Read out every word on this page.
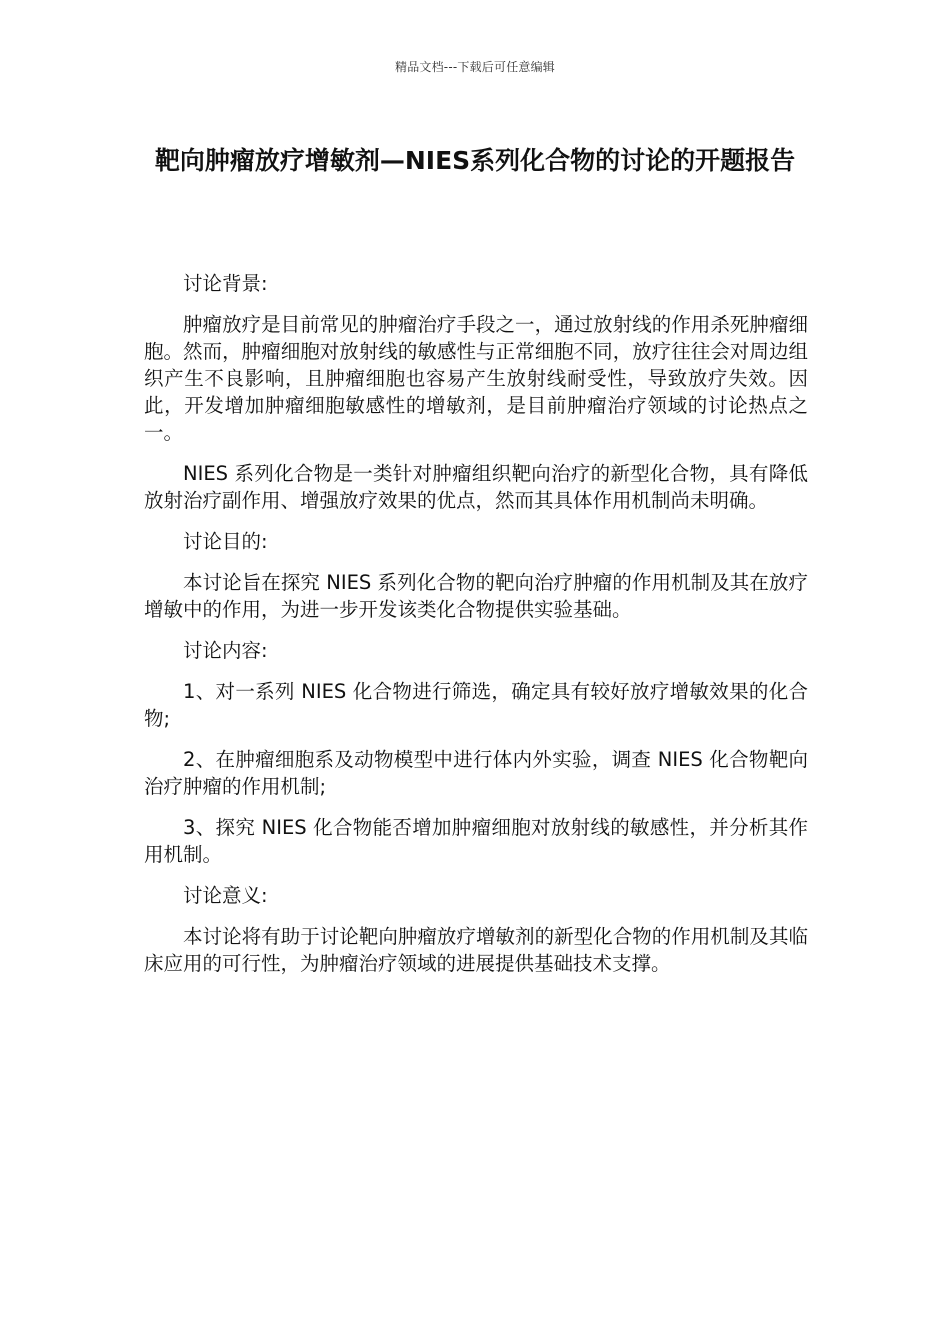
精品文档---下载后可任意编辑
靶向肿瘤放疗增敏剂—NIES系列化合物的讨论的开题报告

讨论背景:

肿瘤放疗是目前常见的肿瘤治疗手段之一，通过放射线的作用杀死肿瘤细胞。然而，肿瘤细胞对放射线的敏感性与正常细胞不同，放疗往往会对周边组织产生不良影响，且肿瘤细胞也容易产生放射线耐受性，导致放疗失效。因此，开发增加肿瘤细胞敏感性的增敏剂，是目前肿瘤治疗领域的讨论热点之一。

NIES 系列化合物是一类针对肿瘤组织靶向治疗的新型化合物，具有降低放射治疗副作用、增强放疗效果的优点，然而其具体作用机制尚未明确。

讨论目的:

本讨论旨在探究 NIES 系列化合物的靶向治疗肿瘤的作用机制及其在放疗增敏中的作用，为进一步开发该类化合物提供实验基础。

讨论内容:

1、对一系列 NIES 化合物进行筛选，确定具有较好放疗增敏效果的化合物;

2、在肿瘤细胞系及动物模型中进行体内外实验，调查 NIES 化合物靶向治疗肿瘤的作用机制;

3、探究 NIES 化合物能否增加肿瘤细胞对放射线的敏感性，并分析其作用机制。

讨论意义:

本讨论将有助于讨论靶向肿瘤放疗增敏剂的新型化合物的作用机制及其临床应用的可行性，为肿瘤治疗领域的进展提供基础技术支撑。
